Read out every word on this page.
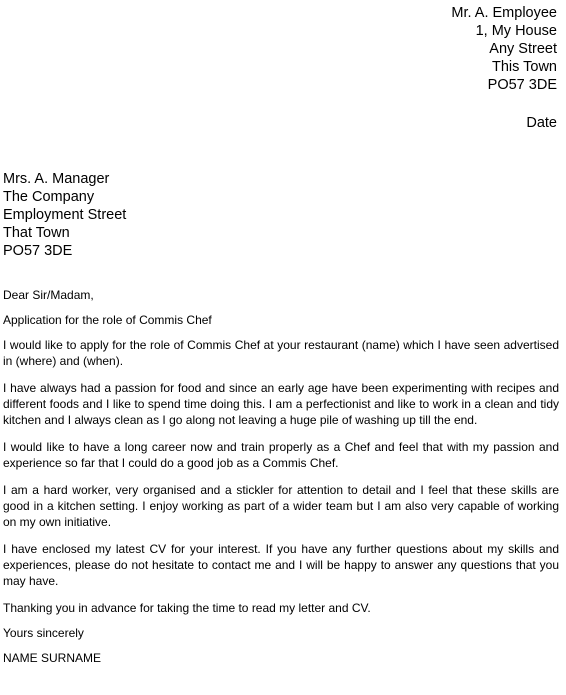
Mr. A. Employee
1, My House
Any Street
This Town
PO57 3DE
Date
Mrs. A. Manager
The Company
Employment Street
That Town
PO57 3DE

Dear Sir/Madam,

Application for the role of Commis Chef

I would like to apply for the role of Commis Chef at your restaurant (name) which I have seen advertised in (where) and (when).

I have always had a passion for food and since an early age have been experimenting with recipes and different foods and I like to spend time doing this. I am a perfectionist and like to work in a clean and tidy kitchen and I always clean as I go along not leaving a huge pile of washing up till the end.

I would like to have a long career now and train properly as a Chef and feel that with my passion and experience so far that I could do a good job as a Commis Chef.

I am a hard worker, very organised and a stickler for attention to detail and I feel that these skills are good in a kitchen setting. I enjoy working as part of a wider team but I am also very capable of working on my own initiative.

I have enclosed my latest CV for your interest. If you have any further questions about my skills and experiences, please do not hesitate to contact me and I will be happy to answer any questions that you may have.

Thanking you in advance for taking the time to read my letter and CV.

Yours sincerely

NAME SURNAME
